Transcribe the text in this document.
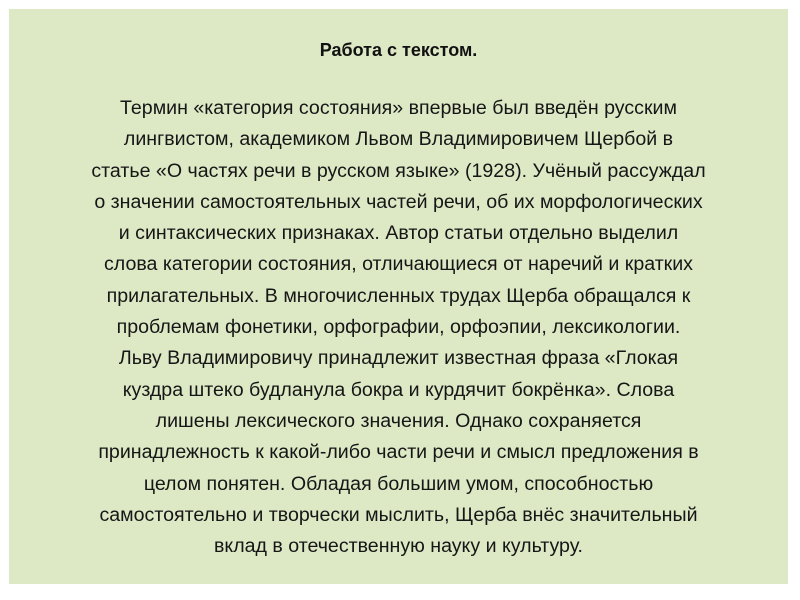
Работа с текстом.
Термин «категория состояния» впервые был введён русским
лингвистом, академиком Львом Владимировичем Щербой в
статье «О частях речи в русском языке» (1928). Учёный рассуждал
о значении самостоятельных частей речи, об их морфологических
и синтаксических признаках. Автор статьи отдельно выделил
слова категории состояния, отличающиеся от наречий и кратких
прилагательных. В многочисленных трудах Щерба обращался к
проблемам фонетики, орфографии, орфоэпии, лексикологии.
Льву Владимировичу принадлежит известная фраза «Глокая
куздра штеко будланула бокра и курдячит бокрёнка». Слова
лишены лексического значения. Однако сохраняется
принадлежность к какой-либо части речи и смысл предложения в
целом понятен. Обладая большим умом, способностью
самостоятельно и творчески мыслить, Щерба внёс значительный
вклад в отечественную науку и культуру.
